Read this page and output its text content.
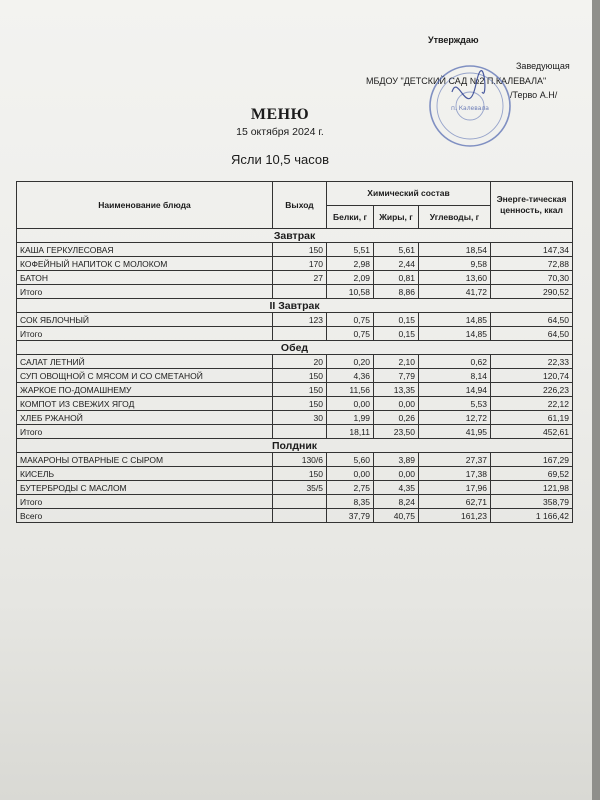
Утверждаю
Заведующая
МБДОУ "ДЕТСКИЙ САД №2 П.КАЛЕВАЛА"
/Терво А.Н/
п. Калевала
МЕНЮ
15 октября 2024 г.
Ясли 10,5 часов
Наименование блюда	Выход	Химический состав			Энерге-тическая ценность, ккал
		Белки, г	Жиры, г	Углеводы, г	
Завтрак					
КАША ГЕРКУЛЕСОВАЯ	150	5,51	5,61	18,54	147,34
КОФЕЙНЫЙ НАПИТОК С МОЛОКОМ	170	2,98	2,44	9,58	72,88
БАТОН	27	2,09	0,81	13,60	70,30
Итого		10,58	8,86	41,72	290,52
II Завтрак					
СОК ЯБЛОЧНЫЙ	123	0,75	0,15	14,85	64,50
Итого		0,75	0,15	14,85	64,50
Обед					
САЛАТ ЛЕТНИЙ	20	0,20	2,10	0,62	22,33
СУП ОВОЩНОЙ С МЯСОМ И СО СМЕТАНОЙ	150	4,36	7,79	8,14	120,74
ЖАРКОЕ ПО-ДОМАШНЕМУ	150	11,56	13,35	14,94	226,23
КОМПОТ ИЗ СВЕЖИХ ЯГОД	150	0,00	0,00	5,53	22,12
ХЛЕБ РЖАНОЙ	30	1,99	0,26	12,72	61,19
Итого		18,11	23,50	41,95	452,61
Полдник					
МАКАРОНЫ ОТВАРНЫЕ С СЫРОМ	130/6	5,60	3,89	27,37	167,29
КИСЕЛЬ	150	0,00	0,00	17,38	69,52
БУТЕРБРОДЫ С МАСЛОМ	35/5	2,75	4,35	17,96	121,98
Итого		8,35	8,24	62,71	358,79
Всего		37,79	40,75	161,23	1 166,42
